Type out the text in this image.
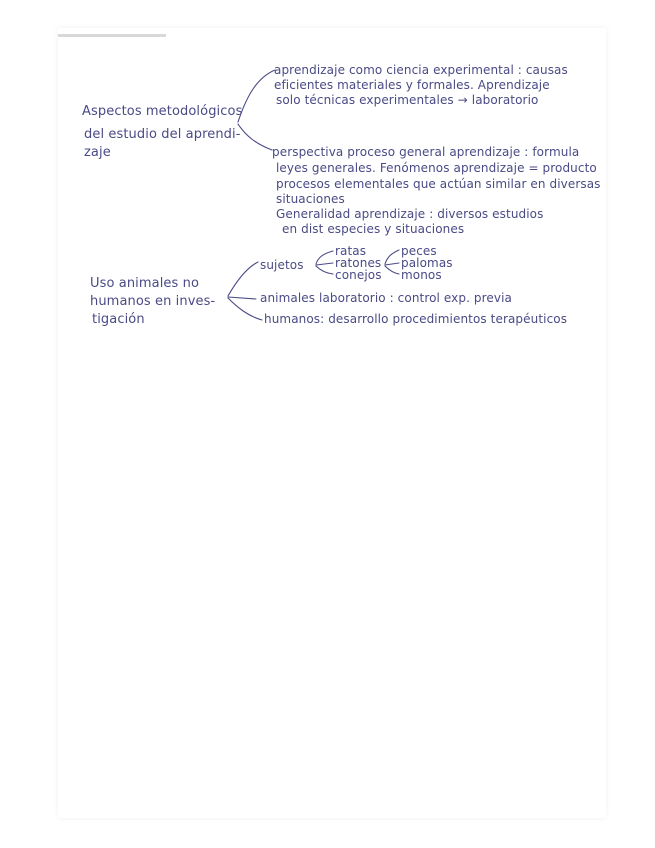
Aspectos metodológicos

del estudio del aprendi-

zaje

aprendizaje como ciencia experimental : causas

eficientes materiales y formales. Aprendizaje

solo técnicas experimentales → laboratorio

perspectiva proceso general aprendizaje : formula

leyes generales. Fenómenos aprendizaje = producto

procesos elementales que actúan similar en diversas

situaciones

Generalidad aprendizaje : diversos estudios

en dist especies y situaciones

Uso animales no

humanos en inves-

tigación

sujetos

ratas

ratones

conejos

peces

palomas

monos

animales laboratorio : control exp. previa

humanos: desarrollo procedimientos terapéuticos
